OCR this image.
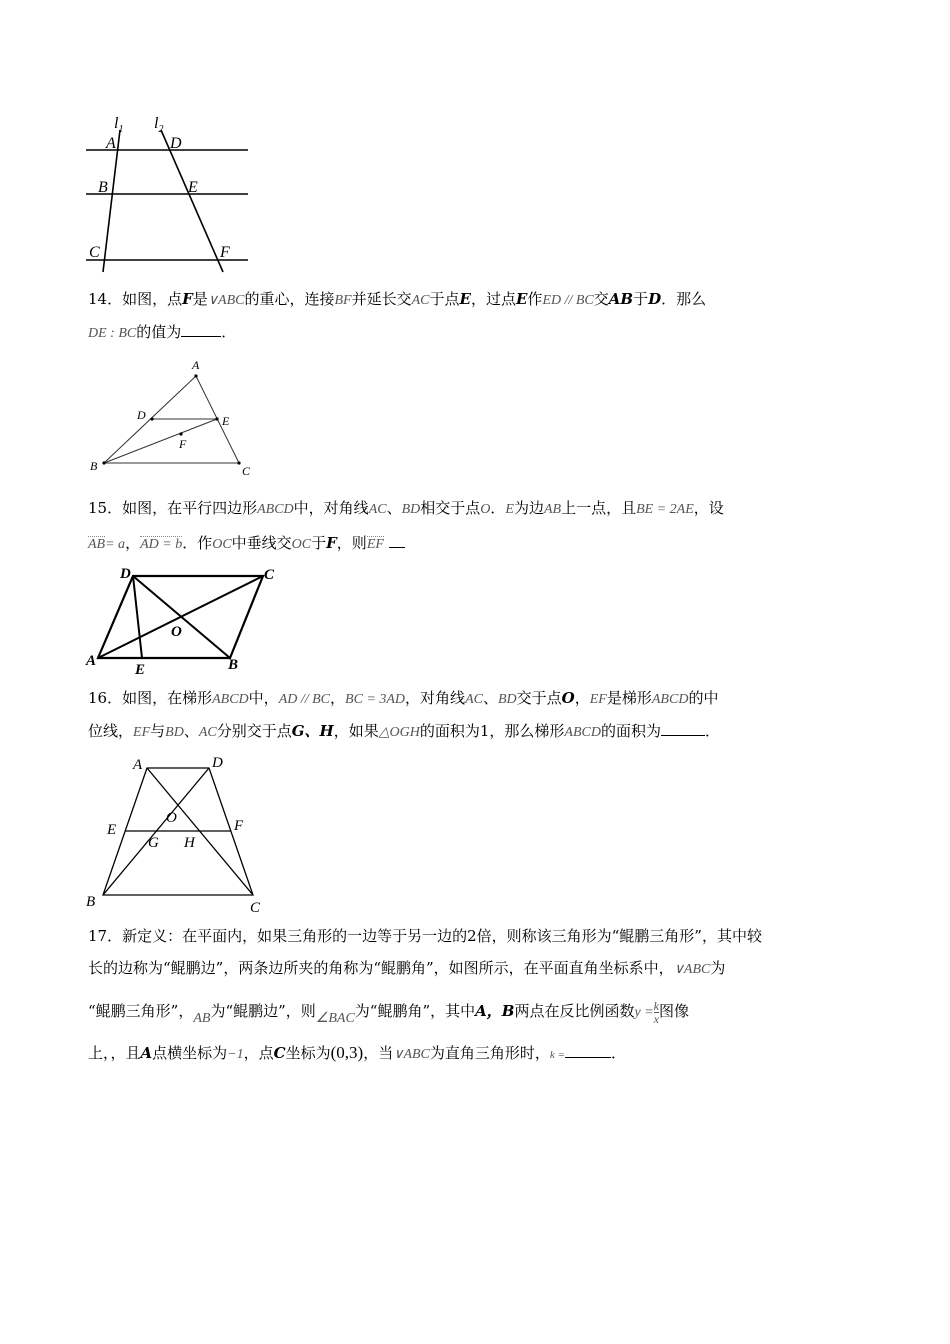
$l_1$ $l_2$
A	D
B	E
C	F
14．如图，点F是∨ABC的重心，连接BF并延长交AC于点E，过点E作ED // BC交AB于D．那么
DE : BC的值为	．
A
D	E
F
B	C
15．如图，在平行四边形ABCD中，对角线AC、BD相交于点O．E为边AB上一点，且BE = 2AE，设
AB= a，AD = b．作OC中垂线交OC于F，则EF
D	C
O
A
E	B
16．如图，在梯形ABCD中，AD // BC，BC = 3AD，对角线AC、BD交于点O，EF是梯形ABCD的中
位线，EF与BD、AC分别交于点G、H，如果△OGH的面积为1，那么梯形ABCD的面积为	．
A	D
E	F
O
G H
B	C
17．新定义：在平面内，如果三角形的一边等于另一边的2倍，则称该三角形为“鲲鹏三角形”，其中较
长的边称为“鲲鹏边”，两条边所夹的角称为“鲲鹏角”，如图所示，在平面直角坐标系中，∨ABC为
“鲲鹏三角形”，AB为“鲲鹏边”，则∠BAC为“鲲鹏角”，其中A，B两点在反比例函数$y = \frac{k}{x}$ 图像
上，，且A点横坐标为−1，点C坐标为(0,3)，当∨ABC为直角三角形时，k =	．
